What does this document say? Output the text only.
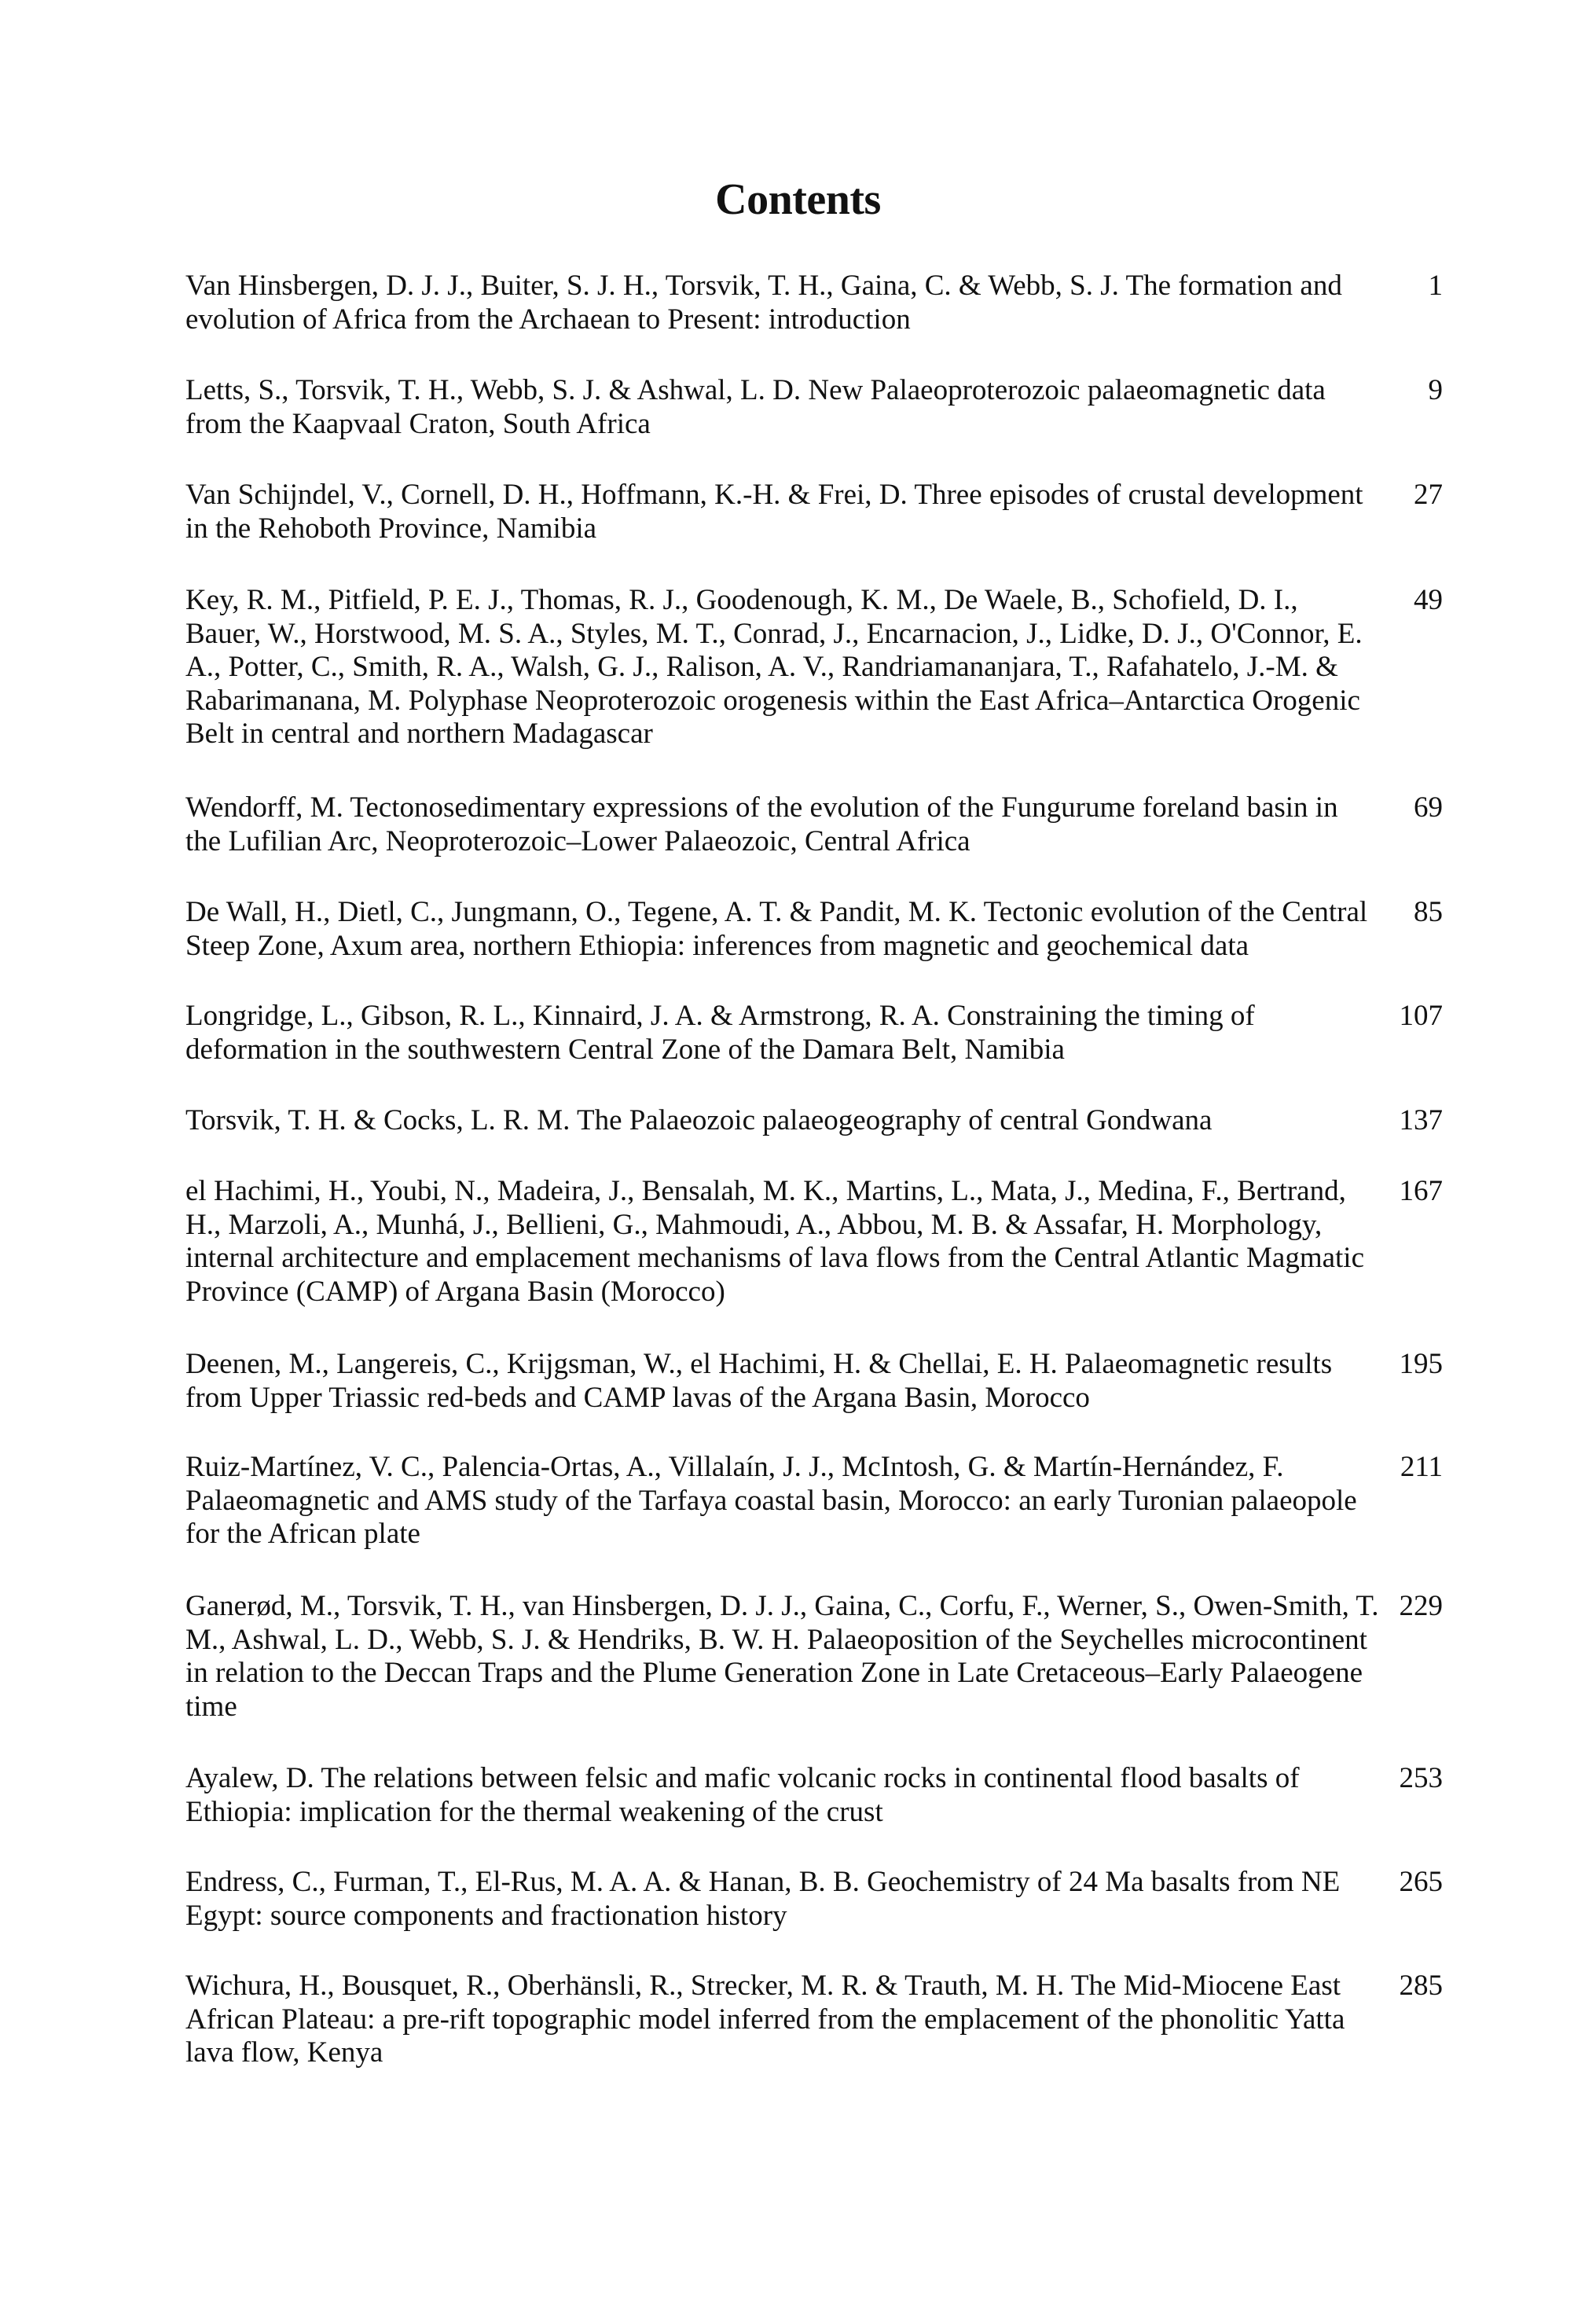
Contents

Van Hinsbergen, D. J. J., Buiter, S. J. H., Torsvik, T. H., Gaina, C. & Webb, S. J. The formation and evolution of Africa from the Archaean to Present: introduction

1

Letts, S., Torsvik, T. H., Webb, S. J. & Ashwal, L. D. New Palaeoproterozoic palaeomagnetic data from the Kaapvaal Craton, South Africa

9

Van Schijndel, V., Cornell, D. H., Hoffmann, K.-H. & Frei, D. Three episodes of crustal development in the Rehoboth Province, Namibia

27

Key, R. M., Pitfield, P. E. J., Thomas, R. J., Goodenough, K. M., De Waele, B., Schofield, D. I., Bauer, W., Horstwood, M. S. A., Styles, M. T., Conrad, J., Encarnacion, J., Lidke, D. J., O'Connor, E. A., Potter, C., Smith, R. A., Walsh, G. J., Ralison, A. V., Randriamananjara, T., Rafahatelo, J.-M. & Rabarimanana, M. Polyphase Neoproterozoic orogenesis within the East Africa–Antarctica Orogenic Belt in central and northern Madagascar

49

Wendorff, M. Tectonosedimentary expressions of the evolution of the Fungurume foreland basin in the Lufilian Arc, Neoproterozoic–Lower Palaeozoic, Central Africa

69

De Wall, H., Dietl, C., Jungmann, O., Tegene, A. T. & Pandit, M. K. Tectonic evolution of the Central Steep Zone, Axum area, northern Ethiopia: inferences from magnetic and geochemical data

85

Longridge, L., Gibson, R. L., Kinnaird, J. A. & Armstrong, R. A. Constraining the timing of deformation in the southwestern Central Zone of the Damara Belt, Namibia

107

Torsvik, T. H. & Cocks, L. R. M. The Palaeozoic palaeogeography of central Gondwana	137

el Hachimi, H., Youbi, N., Madeira, J., Bensalah, M. K., Martins, L., Mata, J., Medina, F., Bertrand, H., Marzoli, A., Munhá, J., Bellieni, G., Mahmoudi, A., Abbou, M. B. & Assafar, H. Morphology, internal architecture and emplacement mechanisms of lava flows from the Central Atlantic Magmatic Province (CAMP) of Argana Basin (Morocco)

167

Deenen, M., Langereis, C., Krijgsman, W., el Hachimi, H. & Chellai, E. H. Palaeomagnetic results from Upper Triassic red-beds and CAMP lavas of the Argana Basin, Morocco

195

Ruiz-Martínez, V. C., Palencia-Ortas, A., Villalaín, J. J., McIntosh, G. & Martín-Hernández, F. Palaeomagnetic and AMS study of the Tarfaya coastal basin, Morocco: an early Turonian palaeopole for the African plate

211

Ganerød, M., Torsvik, T. H., van Hinsbergen, D. J. J., Gaina, C., Corfu, F., Werner, S., Owen-Smith, T. M., Ashwal, L. D., Webb, S. J. & Hendriks, B. W. H. Palaeoposition of the Seychelles microcontinent in relation to the Deccan Traps and the Plume Generation Zone in Late Cretaceous–Early Palaeogene time

229

Ayalew, D. The relations between felsic and mafic volcanic rocks in continental flood basalts of Ethiopia: implication for the thermal weakening of the crust

253

Endress, C., Furman, T., El-Rus, M. A. A. & Hanan, B. B. Geochemistry of 24 Ma basalts from NE Egypt: source components and fractionation history

265

Wichura, H., Bousquet, R., Oberhänsli, R., Strecker, M. R. & Trauth, M. H. The Mid-Miocene East African Plateau: a pre-rift topographic model inferred from the emplacement of the phonolitic Yatta lava flow, Kenya

285
